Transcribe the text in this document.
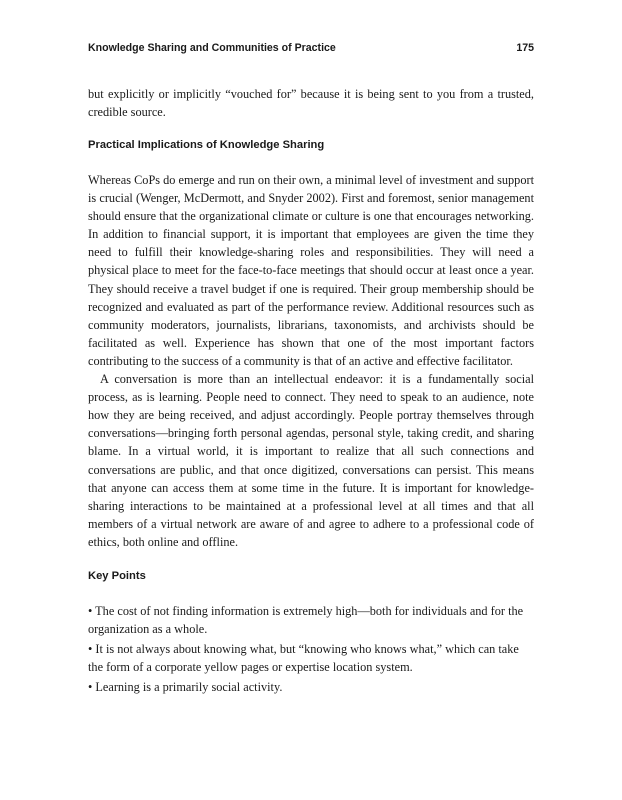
Knowledge Sharing and Communities of Practice	175

but explicitly or implicitly “vouched for” because it is being sent to you from a trusted, credible source.

Practical Implications of Knowledge Sharing

Whereas CoPs do emerge and run on their own, a minimal level of investment and support is crucial (Wenger, McDermott, and Snyder 2002). First and foremost, senior management should ensure that the organizational climate or culture is one that encourages networking. In addition to financial support, it is important that employees are given the time they need to fulfill their knowledge-sharing roles and responsibilities. They will need a physical place to meet for the face-to-face meetings that should occur at least once a year. They should receive a travel budget if one is required. Their group membership should be recognized and evaluated as part of the performance review. Additional resources such as community moderators, journalists, librarians, taxonomists, and archivists should be facilitated as well. Experience has shown that one of the most important factors contributing to the success of a community is that of an active and effective facilitator.

A conversation is more than an intellectual endeavor: it is a fundamentally social process, as is learning. People need to connect. They need to speak to an audience, note how they are being received, and adjust accordingly. People portray themselves through conversations—bringing forth personal agendas, personal style, taking credit, and sharing blame. In a virtual world, it is important to realize that all such connections and conversations are public, and that once digitized, conversations can persist. This means that anyone can access them at some time in the future. It is important for knowledge-sharing interactions to be maintained at a professional level at all times and that all members of a virtual network are aware of and agree to adhere to a professional code of ethics, both online and offline.

Key Points
• The cost of not finding information is extremely high—both for individuals and for the organization as a whole.
• It is not always about knowing what, but “knowing who knows what,” which can take the form of a corporate yellow pages or expertise location system.
• Learning is a primarily social activity.
